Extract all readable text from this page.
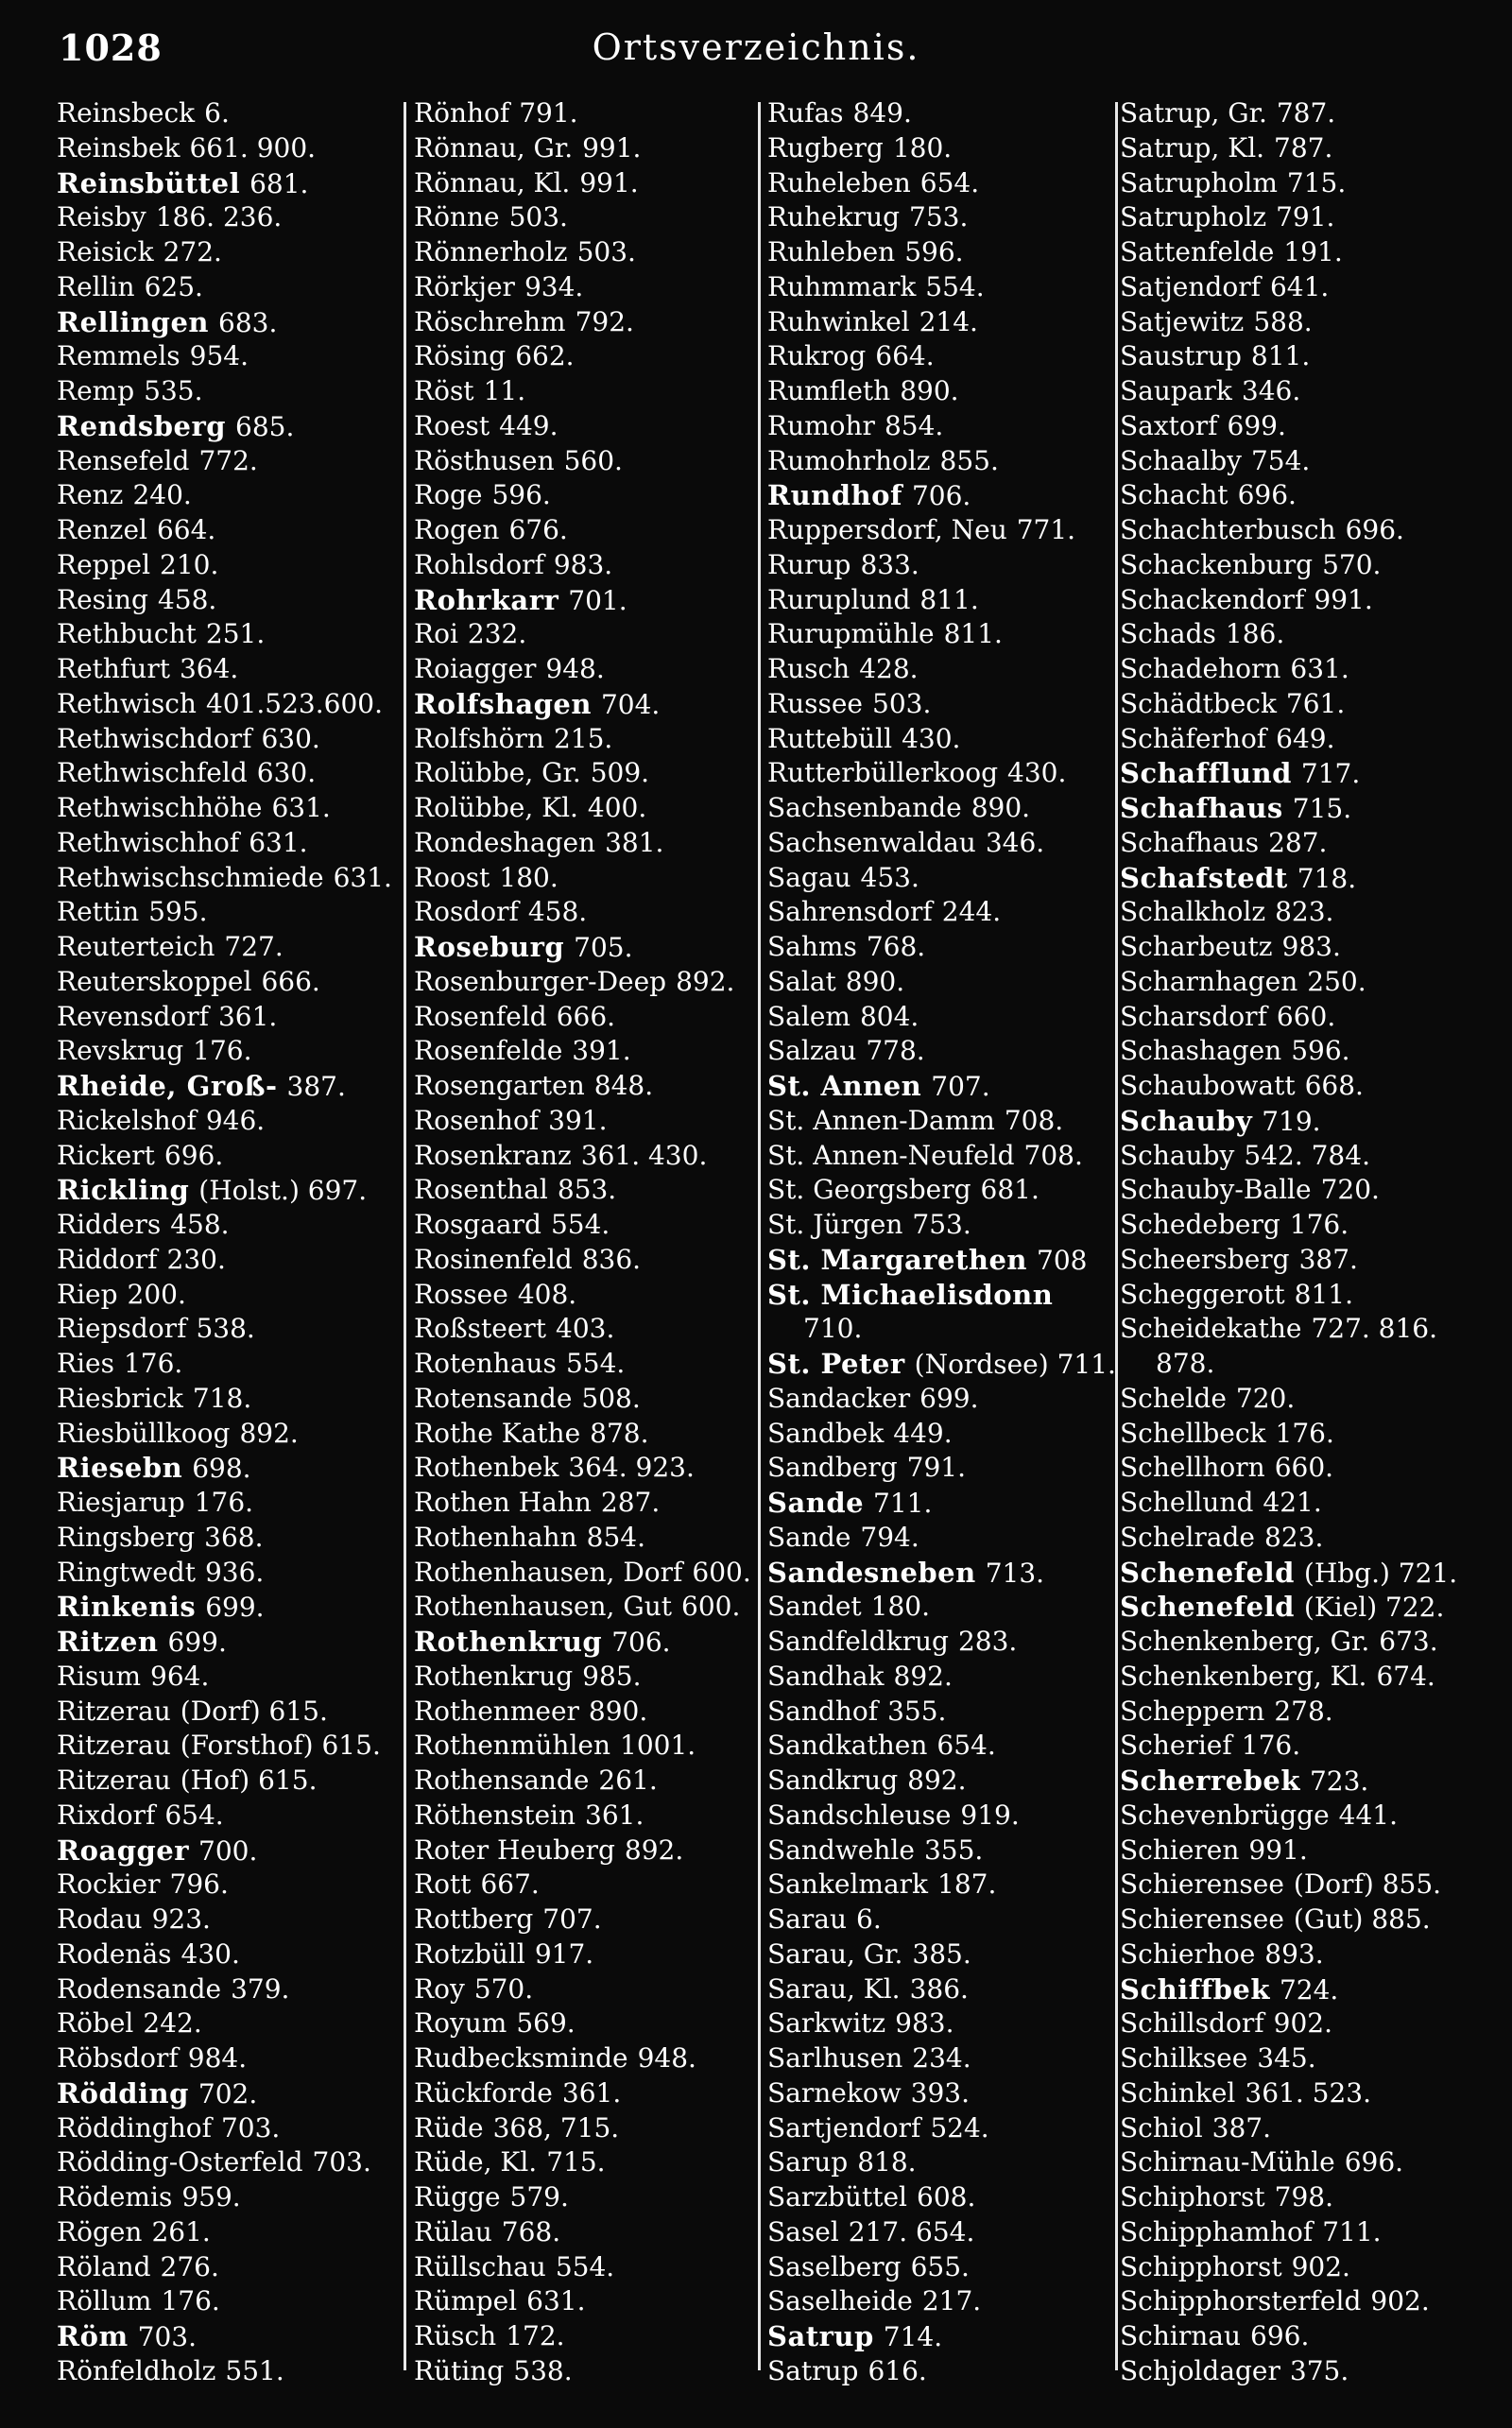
1028	Ortsverzeichnis.
Reinsbeck 6.
Reinsbek 661. 900.
Reinsbüttel 681.
Reisby 186. 236.
Reisick 272.
Rellin 625.
Rellingen 683.
Remmels 954.
Remp 535.
Rendsberg 685.
Rensefeld 772.
Renz 240.
Renzel 664.
Reppel 210.
Resing 458.
Rethbucht 251.
Rethfurt 364.
Rethwisch 401.523.600.
Rethwischdorf 630.
Rethwischfeld 630.
Rethwischhöhe 631.
Rethwischhof 631.
Rethwischschmiede 631.
Rettin 595.
Reuterteich 727.
Reuterskoppel 666.
Revensdorf 361.
Revskrug 176.
Rheide, Groß- 387.
Rickelshof 946.
Rickert 696.
Rickling (Holst.) 697.
Ridders 458.
Riddorf 230.
Riep 200.
Riepsdorf 538.
Ries 176.
Riesbrick 718.
Riesbüllkoog 892.
Riesebn 698.
Riesjarup 176.
Ringsberg 368.
Ringtwedt 936.
Rinkenis 699.
Ritzen 699.
Risum 964.
Ritzerau (Dorf) 615.
Ritzerau (Forsthof) 615.
Ritzerau (Hof) 615.
Rixdorf 654.
Roagger 700.
Rockier 796.
Rodau 923.
Rodenäs 430.
Rodensande 379.
Röbel 242.
Röbsdorf 984.
Rödding 702.
Röddinghof 703.
Rödding-Osterfeld 703.
Rödemis 959.
Rögen 261.
Röland 276.
Röllum 176.
Röm 703.
Rönfeldholz 551.
Rönhof 791.
Rönnau, Gr. 991.
Rönnau, Kl. 991.
Rönne 503.
Rönnerholz 503.
Rörkjer 934.
Röschrehm 792.
Rösing 662.
Röst 11.
Roest 449.
Rösthusen 560.
Roge 596.
Rogen 676.
Rohlsdorf 983.
Rohrkarr 701.
Roi 232.
Roiagger 948.
Rolfshagen 704.
Rolfshörn 215.
Rolübbe, Gr. 509.
Rolübbe, Kl. 400.
Rondeshagen 381.
Roost 180.
Rosdorf 458.
Roseburg 705.
Rosenburger-Deep 892.
Rosenfeld 666.
Rosenfelde 391.
Rosengarten 848.
Rosenhof 391.
Rosenkranz 361. 430.
Rosenthal 853.
Rosgaard 554.
Rosinenfeld 836.
Rossee 408.
Roßsteert 403.
Rotenhaus 554.
Rotensande 508.
Rothe Kathe 878.
Rothenbek 364. 923.
Rothen Hahn 287.
Rothenhahn 854.
Rothenhausen, Dorf 600.
Rothenhausen, Gut 600.
Rothenkrug 706.
Rothenkrug 985.
Rothenmeer 890.
Rothenmühlen 1001.
Rothensande 261.
Röthenstein 361.
Roter Heuberg 892.
Rott 667.
Rottberg 707.
Rotzbüll 917.
Roy 570.
Royum 569.
Rudbecksminde 948.
Rückforde 361.
Rüde 368, 715.
Rüde, Kl. 715.
Rügge 579.
Rülau 768.
Rüllschau 554.
Rümpel 631.
Rüsch 172.
Rüting 538.
Rufas 849.
Rugberg 180.
Ruheleben 654.
Ruhekrug 753.
Ruhleben 596.
Ruhmmark 554.
Ruhwinkel 214.
Rukrog 664.
Rumfleth 890.
Rumohr 854.
Rumohrholz 855.
Rundhof 706.
Ruppersdorf, Neu 771.
Rurup 833.
Ruruplund 811.
Rurupmühle 811.
Rusch 428.
Russee 503.
Ruttebüll 430.
Rutterbüllerkoog 430.
Sachsenbande 890.
Sachsenwaldau 346.
Sagau 453.
Sahrensdorf 244.
Sahms 768.
Salat 890.
Salem 804.
Salzau 778.
St. Annen 707.
St. Annen-Damm 708.
St. Annen-Neufeld 708.
St. Georgsberg 681.
St. Jürgen 753.
St. Margarethen 708
St. Michaelisdonn
710.
St. Peter (Nordsee) 711.
Sandacker 699.
Sandbek 449.
Sandberg 791.
Sande 711.
Sande 794.
Sandesneben 713.
Sandet 180.
Sandfeldkrug 283.
Sandhak 892.
Sandhof 355.
Sandkathen 654.
Sandkrug 892.
Sandschleuse 919.
Sandwehle 355.
Sankelmark 187.
Sarau 6.
Sarau, Gr. 385.
Sarau, Kl. 386.
Sarkwitz 983.
Sarlhusen 234.
Sarnekow 393.
Sartjendorf 524.
Sarup 818.
Sarzbüttel 608.
Sasel 217. 654.
Saselberg 655.
Saselheide 217.
Satrup 714.
Satrup 616.
Satrup, Gr. 787.
Satrup, Kl. 787.
Satrupholm 715.
Satrupholz 791.
Sattenfelde 191.
Satjendorf 641.
Satjewitz 588.
Saustrup 811.
Saupark 346.
Saxtorf 699.
Schaalby 754.
Schacht 696.
Schachterbusch 696.
Schackenburg 570.
Schackendorf 991.
Schads 186.
Schadehorn 631.
Schädtbeck 761.
Schäferhof 649.
Schafflund 717.
Schafhaus 715.
Schafhaus 287.
Schafstedt 718.
Schalkholz 823.
Scharbeutz 983.
Scharnhagen 250.
Scharsdorf 660.
Schashagen 596.
Schaubowatt 668.
Schauby 719.
Schauby 542. 784.
Schauby-Balle 720.
Schedeberg 176.
Scheersberg 387.
Scheggerott 811.
Scheidekathe 727. 816.
878.
Schelde 720.
Schellbeck 176.
Schellhorn 660.
Schellund 421.
Schelrade 823.
Schenefeld (Hbg.) 721.
Schenefeld (Kiel) 722.
Schenkenberg, Gr. 673.
Schenkenberg, Kl. 674.
Scheppern 278.
Scherief 176.
Scherrebek 723.
Schevenbrügge 441.
Schieren 991.
Schierensee (Dorf) 855.
Schierensee (Gut) 885.
Schierhoe 893.
Schiffbek 724.
Schillsdorf 902.
Schilksee 345.
Schinkel 361. 523.
Schiol 387.
Schirnau-Mühle 696.
Schiphorst 798.
Schipphamhof 711.
Schipphorst 902.
Schipphorsterfeld 902.
Schirnau 696.
Schjoldager 375.
